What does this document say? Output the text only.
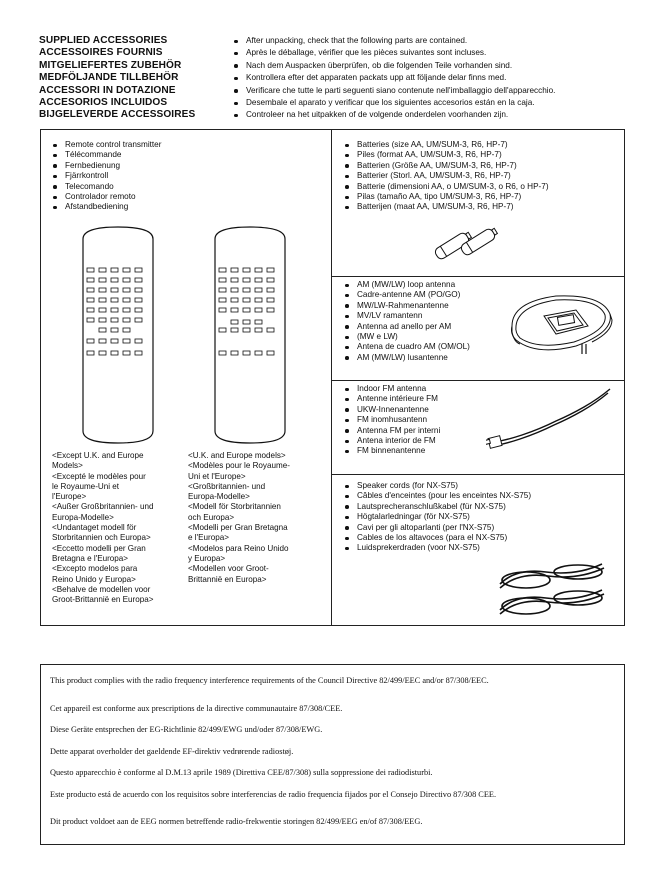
SUPPLIED ACCESSORIES
ACCESSOIRES FOURNIS
MITGELIEFERTES ZUBEHÖR
MEDFÖLJANDE TILLBEHÖR
ACCESSORI IN DOTAZIONE
ACCESORIOS INCLUIDOS
BIJGELEVERDE ACCESSOIRES
After unpacking, check that the following parts are contained.
Après le déballage, vérifier que les pièces suivantes sont incluses.
Nach dem Auspacken überprüfen, ob die folgenden Teile vorhanden sind.
Kontrollera efter det apparaten packats upp att följande delar finns med.
Verificare che tutte le parti seguenti siano contenute nell'imballaggio dell'apparecchio.
Desembale el aparato y verificar que los siguientes accesorios están en la caja.
Controleer na het uitpakken of de volgende onderdelen voorhanden zijn.
Remote control transmitter
Télécommande
Fernbedienung
Fjärrkontroll
Telecomando
Controlador remoto
Afstandbediening
<Except U.K. and Europe
Models>
<Excepté le modèles pour
le Royaume-Uni et
l'Europe>
<Außer Großbritannien- und
Europa-Modelle>
<Undantaget modell för
Storbritannien och Europa>
<Eccetto modelli per Gran
Bretagna e l'Europa>
<Excepto modelos para
Reino Unido y Europa>
<Behalve de modellen voor
Groot-Brittannië en Europa>
<U.K. and Europe models>
<Modèles pour le Royaume-
Uni et l'Europe>
<Großbritannien- und
Europa-Modelle>
<Modell för Storbritannien
och Europa>
<Modelli per Gran Bretagna
e l'Europa>
<Modelos para Reino Unido
y Europa>
<Modellen voor Groot-
Brittannië en Europa>
Batteries (size AA, UM/SUM-3, R6, HP-7)
Piles (format AA, UM/SUM-3, R6, HP-7)
Batterien (Größe AA, UM/SUM-3, R6, HP-7)
Batterier (Storl. AA, UM/SUM-3, R6, HP-7)
Batterie (dimensioni AA, o UM/SUM-3, o R6, o HP-7)
Pilas (tamaño AA, tipo UM/SUM-3, R6, HP-7)
Batterijen (maat AA, UM/SUM-3, R6, HP-7)
AM (MW/LW) loop antenna
Cadre-antenne AM (PO/GO)
MW/LW-Rahmenantenne
MV/LV ramantenn
Antenna ad anello per AM
(MW e LW)
Antena de cuadro AM (OM/OL)
AM (MW/LW) lusantenne
Indoor FM antenna
Antenne intérieure FM
UKW-Innenantenne
FM inomhusantenn
Antenna FM per interni
Antena interior de FM
FM binnenantenne
Speaker cords (for NX-S75)
Câbles d'enceintes (pour les enceintes NX-S75)
Lautsprecheranschlußkabel (für NX-S75)
Högtalarledningar (för NX-S75)
Cavi per gli altoparlanti (per l'NX-S75)
Cables de los altavoces (para el NX-S75)
Luidsprekerdraden (voor NX-S75)

This product complies with the radio frequency interference requirements of the Council Directive 82/499/EEC and/or 87/308/EEC.

Cet appareil est conforme aux prescriptions de la directive communautaire 87/308/CEE.

Diese Geräte entsprechen der EG-Richtlinie 82/499/EWG und/oder 87/308/EWG.

Dette apparat overholder det gaeldende EF-direktiv vedrørende radiostøj.

Questo apparecchio è conforme al D.M.13 aprile 1989 (Direttiva CEE/87/308) sulla soppressione dei radiodisturbi.

Este producto está de acuerdo con los requisitos sobre interferencias de radio frequencia fijados por el Consejo Directivo 87/308 CEE.

Dit product voldoet aan de EEG normen betreffende radio-frekwentie storingen 82/499/EEG en/of 87/308/EEG.
